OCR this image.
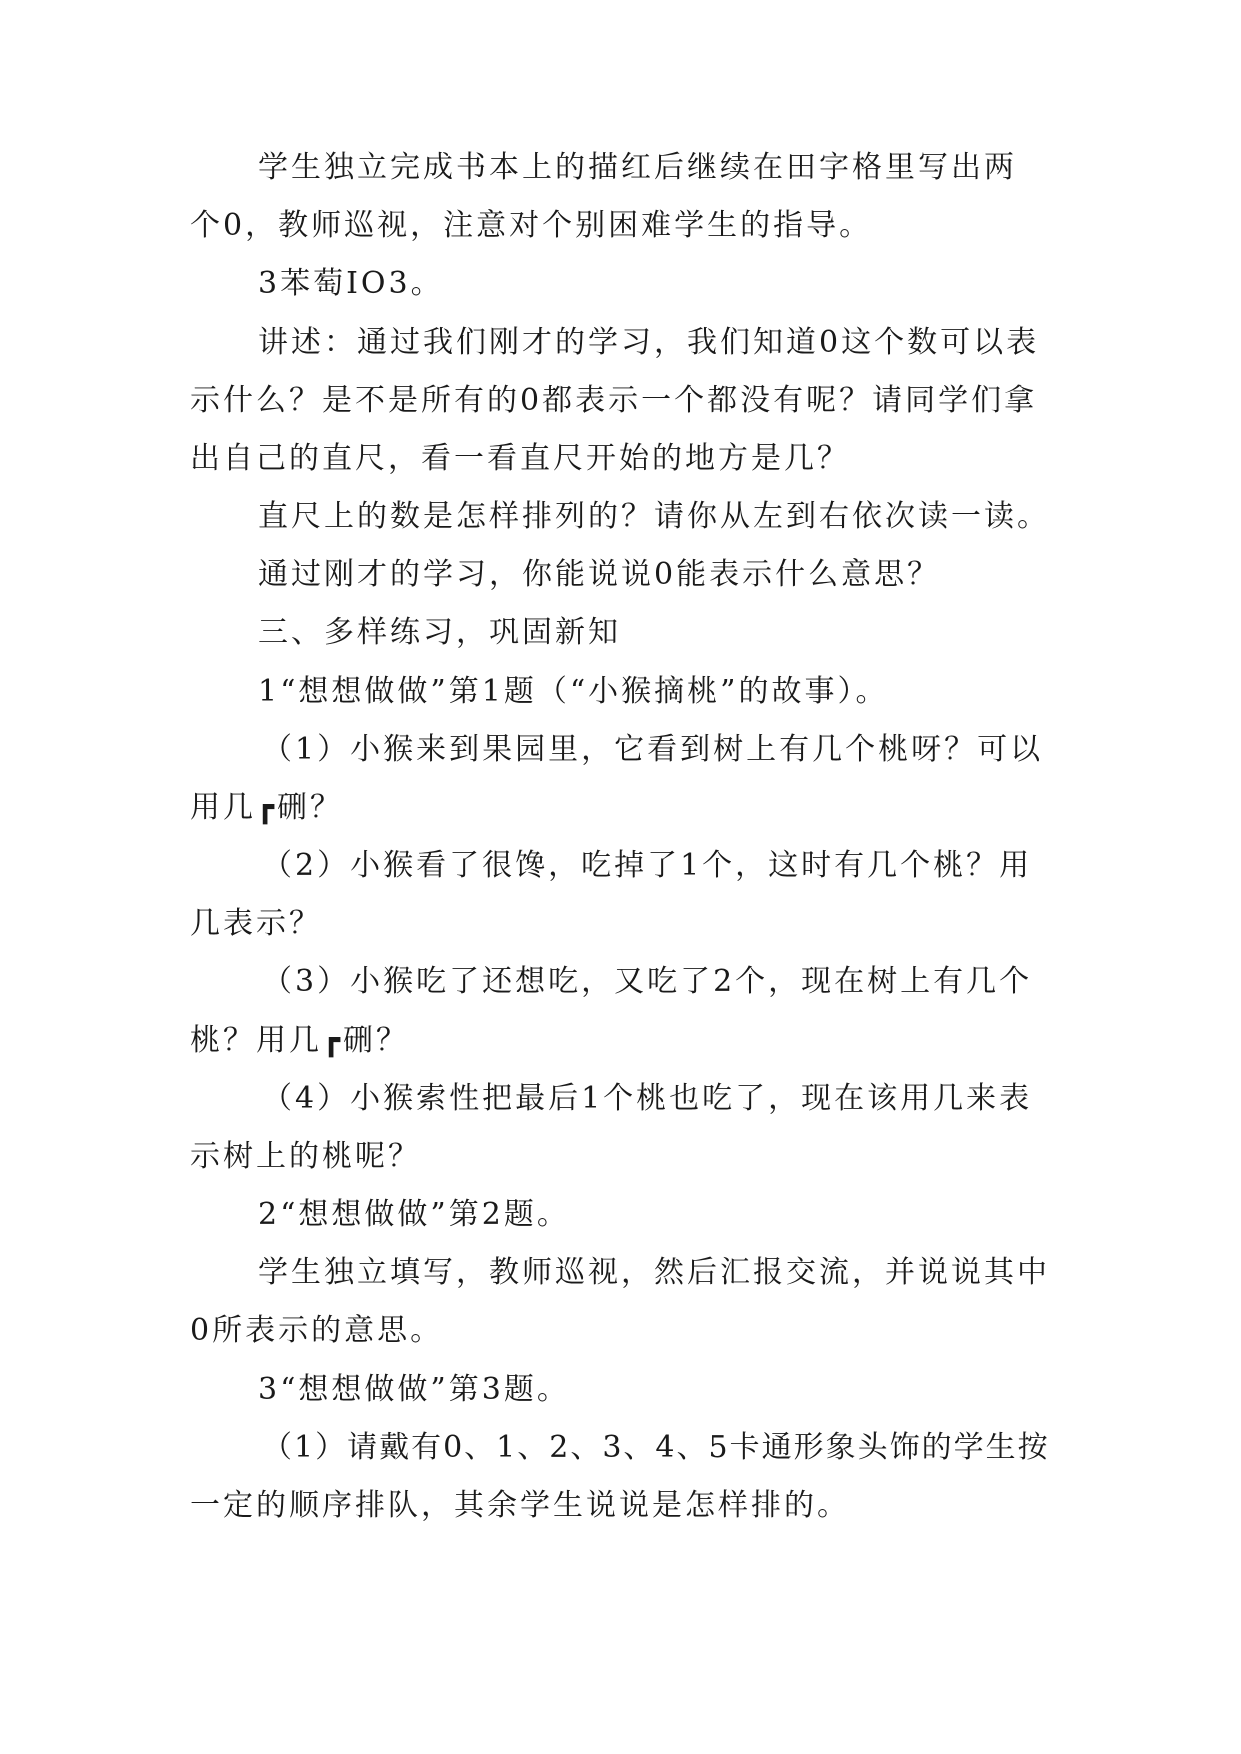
学生独立完成书本上的描红后继续在田字格里写出两
个0，教师巡视，注意对个别困难学生的指导。
3苯萄IO3。
讲述：通过我们刚才的学习，我们知道0这个数可以表
示什么？是不是所有的0都表示一个都没有呢？请同学们拿
出自己的直尺，看一看直尺开始的地方是几？
直尺上的数是怎样排列的？请你从左到右依次读一读。
通过刚才的学习，你能说说0能表示什么意思？
三、多样练习，巩固新知
1“想想做做”第1题（“小猴摘桃”的故事）。
（1）小猴来到果园里，它看到树上有几个桃呀？可以
用几┏硎？
（2）小猴看了很馋，吃掉了1个，这时有几个桃？用
几表示？
（3）小猴吃了还想吃，又吃了2个，现在树上有几个
桃？用几┏硎？
（4）小猴索性把最后1个桃也吃了，现在该用几来表
示树上的桃呢？
2“想想做做”第2题。
学生独立填写，教师巡视，然后汇报交流，并说说其中
0所表示的意思。
3“想想做做”第3题。
（1）请戴有0、1、2、3、4、5卡通形象头饰的学生按
一定的顺序排队，其余学生说说是怎样排的。
